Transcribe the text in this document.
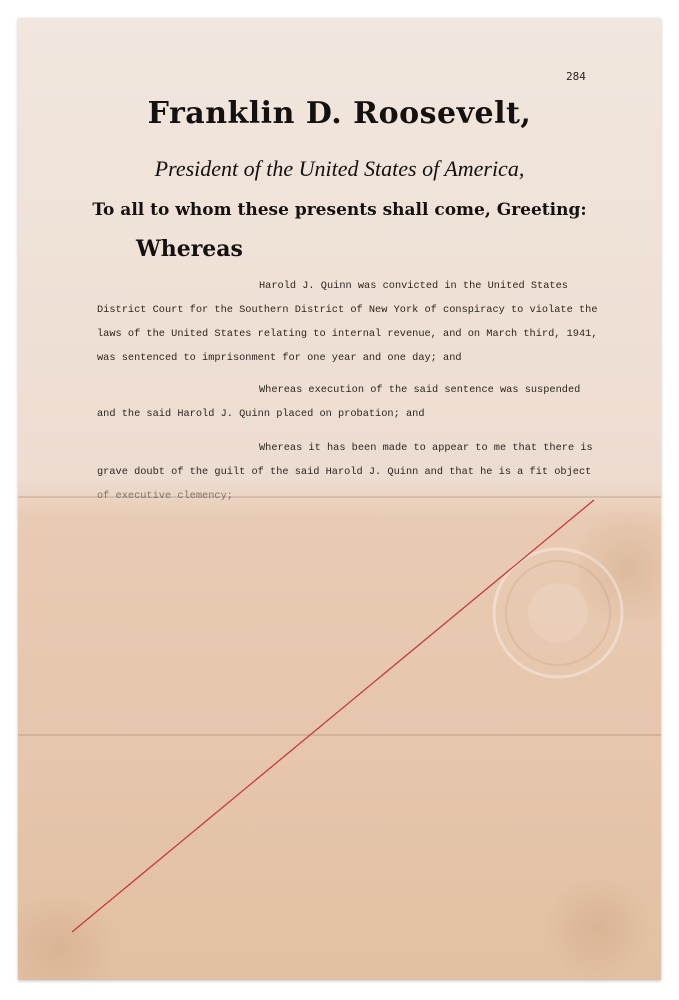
284
Franklin D. Roosevelt,
President of the United States of America,
To all to whom these presents shall come, Greeting:
Whereas
Harold J. Quinn was convicted in the United States
District Court for the Southern District of New York of conspiracy to violate the
laws of the United States relating to internal revenue, and on March third, 1941,
was sentenced to imprisonment for one year and one day; and
Whereas execution of the said sentence was suspended
and the said Harold J. Quinn placed on probation; and
Whereas it has been made to appear to me that there is
grave doubt of the guilt of the said Harold J. Quinn and that he is a fit object
of executive clemency;
